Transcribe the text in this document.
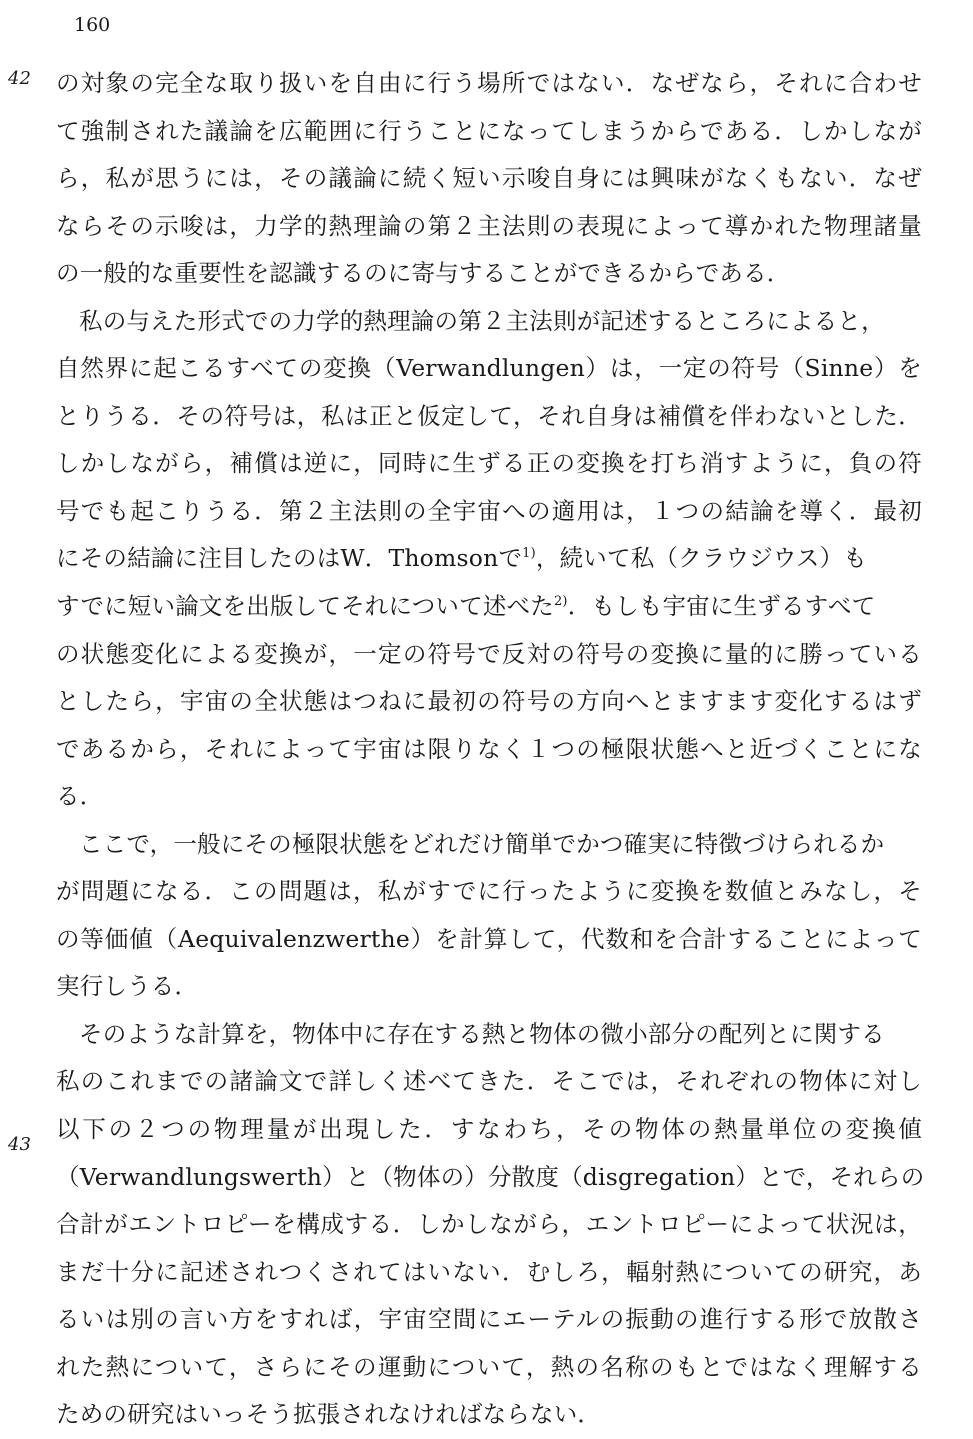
160
42
43
の対象の完全な取り扱いを自由に行う場所ではない．なぜなら，それに合わせ
て強制された議論を広範囲に行うことになってしまうからである．しかしなが
ら，私が思うには，その議論に続く短い示唆自身には興味がなくもない．なぜ
ならその示唆は，力学的熱理論の第２主法則の表現によって導かれた物理諸量
の一般的な重要性を認識するのに寄与することができるからである．
私の与えた形式での力学的熱理論の第２主法則が記述するところによると，
自然界に起こるすべての変換（Verwandlungen）は，一定の符号（Sinne）を
とりうる．その符号は，私は正と仮定して，それ自身は補償を伴わないとした．
しかしながら，補償は逆に，同時に生ずる正の変換を打ち消すように，負の符
号でも起こりうる．第２主法則の全宇宙への適用は，１つの結論を導く．最初
にその結論に注目したのはW．Thomsonで$^{1)}$，続いて私（クラウジウス）も
すでに短い論文を出版してそれについて述べた$^{2)}$．もしも宇宙に生ずるすべて
の状態変化による変換が，一定の符号で反対の符号の変換に量的に勝っている
としたら，宇宙の全状態はつねに最初の符号の方向へとますます変化するはず
であるから，それによって宇宙は限りなく１つの極限状態へと近づくことにな
る．
ここで，一般にその極限状態をどれだけ簡単でかつ確実に特徴づけられるか
が問題になる．この問題は，私がすでに行ったように変換を数値とみなし，そ
の等価値（Aequivalenzwerthe）を計算して，代数和を合計することによって
実行しうる．
そのような計算を，物体中に存在する熱と物体の微小部分の配列とに関する
私のこれまでの諸論文で詳しく述べてきた．そこでは，それぞれの物体に対し
以下の２つの物理量が出現した．すなわち，その物体の熱量単位の変換値
（Verwandlungswerth）と（物体の）分散度（disgregation）とで，それらの
合計がエントロピーを構成する．しかしながら，エントロピーによって状況は，
まだ十分に記述されつくされてはいない．むしろ，輻射熱についての研究，あ
るいは別の言い方をすれば，宇宙空間にエーテルの振動の進行する形で放散さ
れた熱について，さらにその運動について，熱の名称のもとではなく理解する
ための研究はいっそう拡張されなければならない．
